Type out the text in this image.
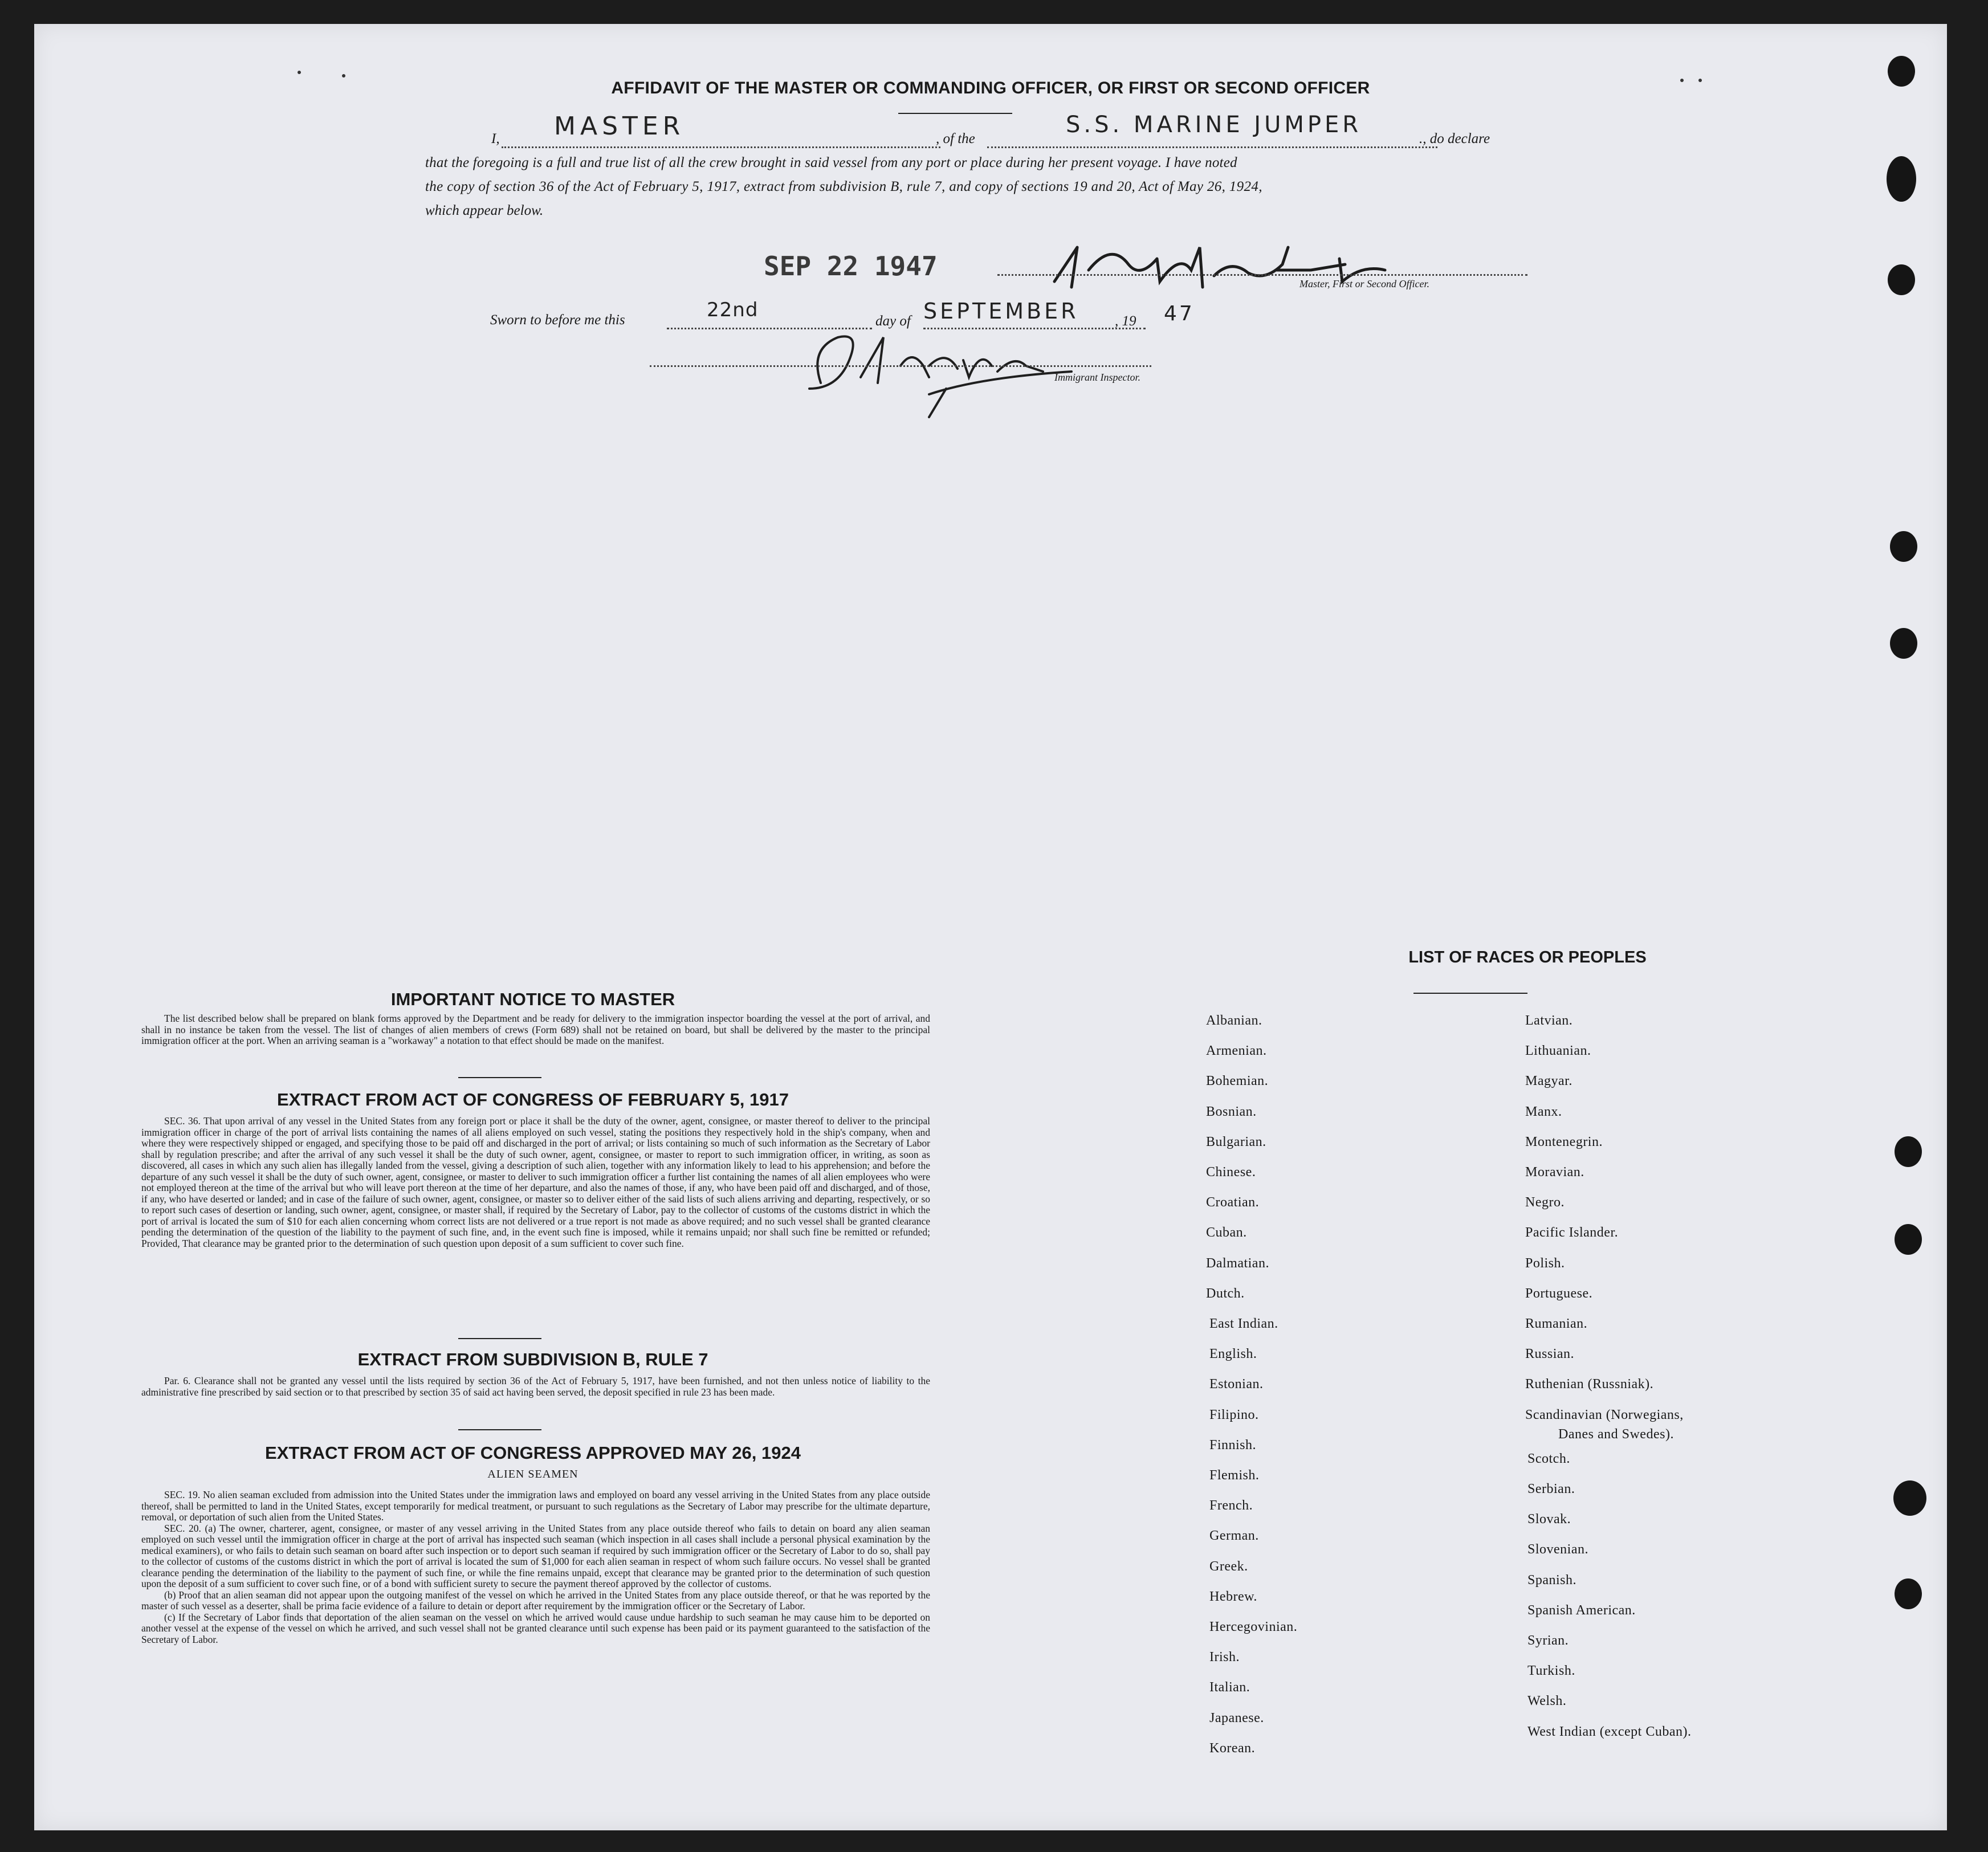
AFFIDAVIT OF THE MASTER OR COMMANDING OFFICER, OR FIRST OR SECOND OFFICER
I, MASTER	, of the
S.S. MARINE JUMPER
., do declare
that the foregoing is a full and true list of all the crew brought in said vessel from any port or place during her present voyage. I have noted
the copy of section 36 of the Act of February 5, 1917, extract from subdivision B, rule 7, and copy of sections 19 and 20, Act of May 26, 1924,
which appear below.
Master, First or Second Officer.
SEP 22 1947
Sworn to before me this	22nd	day of SEPTEMBER	, 19 47
Immigrant Inspector.
IMPORTANT NOTICE TO MASTER

The list described below shall be prepared on blank forms approved by the Department and be ready for delivery to the immigration inspector boarding the vessel at the port of arrival, and shall in no instance be taken from the vessel. The list of changes of alien members of crews (Form 689) shall not be retained on board, but shall be delivered by the master to the principal immigration officer at the port. When an arriving seaman is a "workaway" a notation to that effect should be made on the manifest.

EXTRACT FROM ACT OF CONGRESS OF FEBRUARY 5, 1917

SEC. 36. That upon arrival of any vessel in the United States from any foreign port or place it shall be the duty of the owner, agent, consignee, or master thereof to deliver to the principal immigration officer in charge of the port of arrival lists containing the names of all aliens employed on such vessel, stating the positions they respectively hold in the ship's company, when and where they were respectively shipped or engaged, and specifying those to be paid off and discharged in the port of arrival; or lists containing so much of such information as the Secretary of Labor shall by regulation prescribe; and after the arrival of any such vessel it shall be the duty of such owner, agent, consignee, or master to report to such immigration officer, in writing, as soon as discovered, all cases in which any such alien has illegally landed from the vessel, giving a description of such alien, together with any information likely to lead to his apprehension; and before the departure of any such vessel it shall be the duty of such owner, agent, consignee, or master to deliver to such immigration officer a further list containing the names of all alien employees who were not employed thereon at the time of the arrival but who will leave port thereon at the time of her departure, and also the names of those, if any, who have been paid off and discharged, and of those, if any, who have deserted or landed; and in case of the failure of such owner, agent, consignee, or master so to deliver either of the said lists of such aliens arriving and departing, respectively, or so to report such cases of desertion or landing, such owner, agent, consignee, or master shall, if required by the Secretary of Labor, pay to the collector of customs of the customs district in which the port of arrival is located the sum of $10 for each alien concerning whom correct lists are not delivered or a true report is not made as above required; and no such vessel shall be granted clearance pending the determination of the question of the liability to the payment of such fine, and, in the event such fine is imposed, while it remains unpaid; nor shall such fine be remitted or refunded; Provided, That clearance may be granted prior to the determination of such question upon deposit of a sum sufficient to cover such fine.

EXTRACT FROM SUBDIVISION B, RULE 7

Par. 6. Clearance shall not be granted any vessel until the lists required by section 36 of the Act of February 5, 1917, have been furnished, and not then unless notice of liability to the administrative fine prescribed by said section or to that prescribed by section 35 of said act having been served, the deposit specified in rule 23 has been made.

EXTRACT FROM ACT OF CONGRESS APPROVED MAY 26, 1924
ALIEN SEAMEN

SEC. 19. No alien seaman excluded from admission into the United States under the immigration laws and employed on board any vessel arriving in the United States from any place outside thereof, shall be permitted to land in the United States, except temporarily for medical treatment, or pursuant to such regulations as the Secretary of Labor may prescribe for the ultimate departure, removal, or deportation of such alien from the United States.

SEC. 20. (a) The owner, charterer, agent, consignee, or master of any vessel arriving in the United States from any place outside thereof who fails to detain on board any alien seaman employed on such vessel until the immigration officer in charge at the port of arrival has inspected such seaman (which inspection in all cases shall include a personal physical examination by the medical examiners), or who fails to detain such seaman on board after such inspection or to deport such seaman if required by such immigration officer or the Secretary of Labor to do so, shall pay to the collector of customs of the customs district in which the port of arrival is located the sum of $1,000 for each alien seaman in respect of whom such failure occurs. No vessel shall be granted clearance pending the determination of the liability to the payment of such fine, or while the fine remains unpaid, except that clearance may be granted prior to the determination of such question upon the deposit of a sum sufficient to cover such fine, or of a bond with sufficient surety to secure the payment thereof approved by the collector of customs.

(b) Proof that an alien seaman did not appear upon the outgoing manifest of the vessel on which he arrived in the United States from any place outside thereof, or that he was reported by the master of such vessel as a deserter, shall be prima facie evidence of a failure to detain or deport after requirement by the immigration officer or the Secretary of Labor.

(c) If the Secretary of Labor finds that deportation of the alien seaman on the vessel on which he arrived would cause undue hardship to such seaman he may cause him to be deported on another vessel at the expense of the vessel on which he arrived, and such vessel shall not be granted clearance until such expense has been paid or its payment guaranteed to the satisfaction of the Secretary of Labor.

LIST OF RACES OR PEOPLES
Albanian.
Armenian.
Bohemian.
Bosnian.
Bulgarian.
Chinese.
Croatian.
Cuban.
Dalmatian.
Dutch.
East Indian.
English.
Estonian.
Filipino.
Finnish.
Flemish.
French.
German.
Greek.
Hebrew.
Hercegovinian.
Irish.
Italian.
Japanese.
Korean.
Latvian.
Lithuanian.
Magyar.
Manx.
Montenegrin.
Moravian.
Negro.
Pacific Islander.
Polish.
Portuguese.
Rumanian.
Russian.
Ruthenian (Russniak).
Scandinavian (Norwegians,
Danes and Swedes).
Scotch.
Serbian.
Slovak.
Slovenian.
Spanish.
Spanish American.
Syrian.
Turkish.
Welsh.
West Indian (except Cuban).
